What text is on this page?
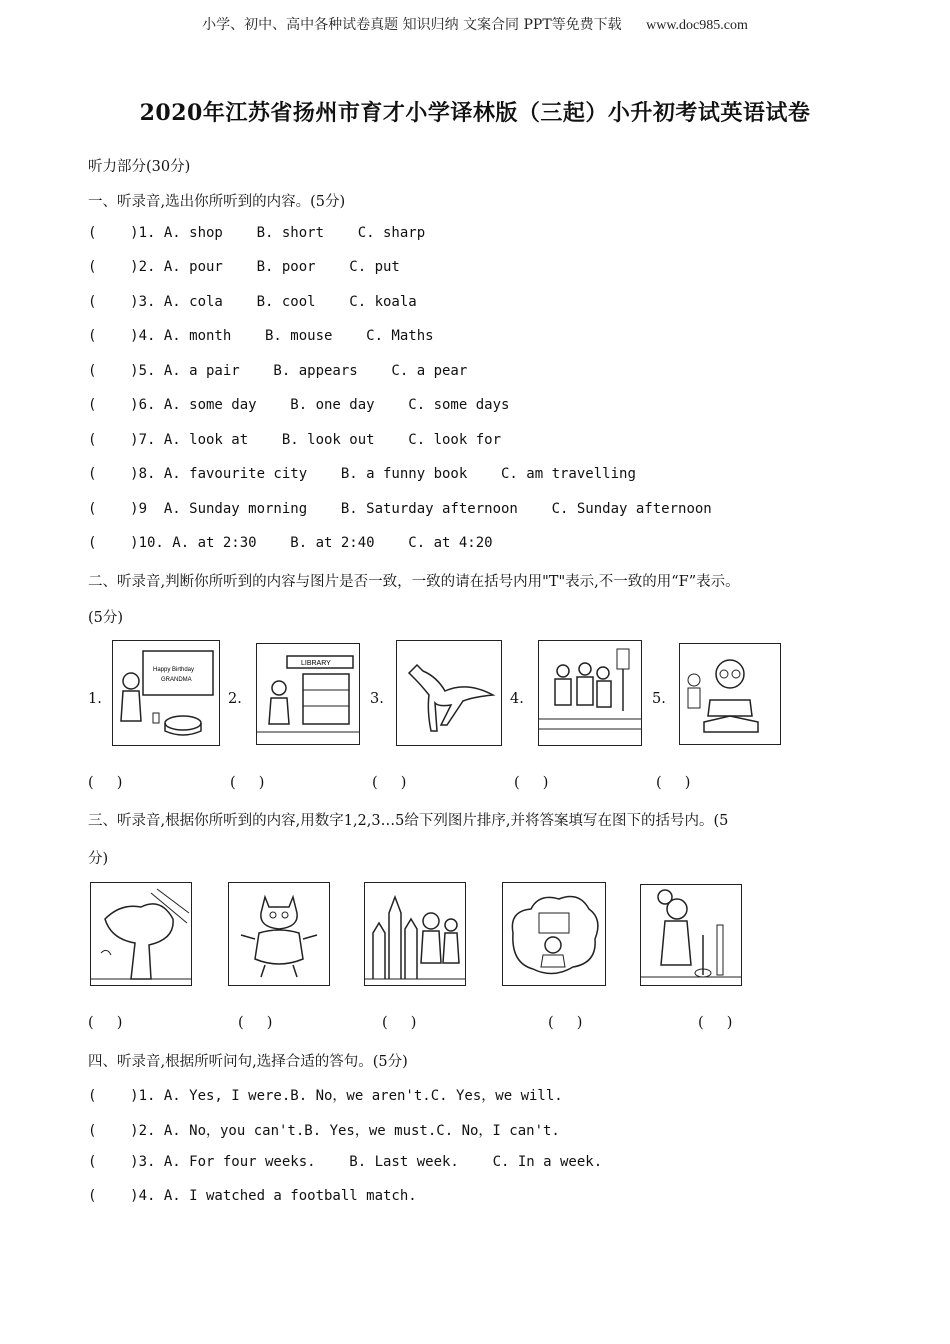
小学、初中、高中各种试卷真题 知识归纳 文案合同 PPT等免费下载 www.doc985.com
2020年江苏省扬州市育才小学译林版（三起）小升初考试英语试卷
听力部分(30分)
一、听录音,选出你所听到的内容。(5分)
(    )1. A. shop    B. short    C. sharp
(    )2. A. pour    B. poor    C. put
(    )3. A. cola    B. cool    C. koala
(    )4. A. month    B. mouse    C. Maths
(    )5. A. a pair    B. appears    C. a pear
(    )6. A. some day    B. one day    C. some days
(    )7. A. look at    B. look out    C. look for
(    )8. A. favourite city    B. a funny book    C. am travelling
(    )9  A. Sunday morning    B. Saturday afternoon    C. Sunday afternoon
(    )10. A. at 2:30    B. at 2:40    C. at 4:20
二、听录音,判断你所听到的内容与图片是否一致，一致的请在括号内用"T"表示,不一致的用“F”表示。
(5分)
1.
Happy Birthday
GRANDMA
2.
LIBRARY
3.	4.	5.
(     )	(     )	(     )	(     )	(     )
三、听录音,根据你所听到的内容,用数字1,2,3…5给下列图片排序,并将答案填写在图下的括号内。(5
分)
(     )	(     )	(     )	(     )	(     )
四、听录音,根据所听问句,选择合适的答句。(5分)
(    )1. A. Yes, I were.B. No，we aren't.C. Yes，we will.
(    )2. A. No，you can't.B. Yes，we must.C. No，I can't.
(    )3. A. For four weeks.    B. Last week.    C. In a week.
(    )4. A. I watched a football match.
